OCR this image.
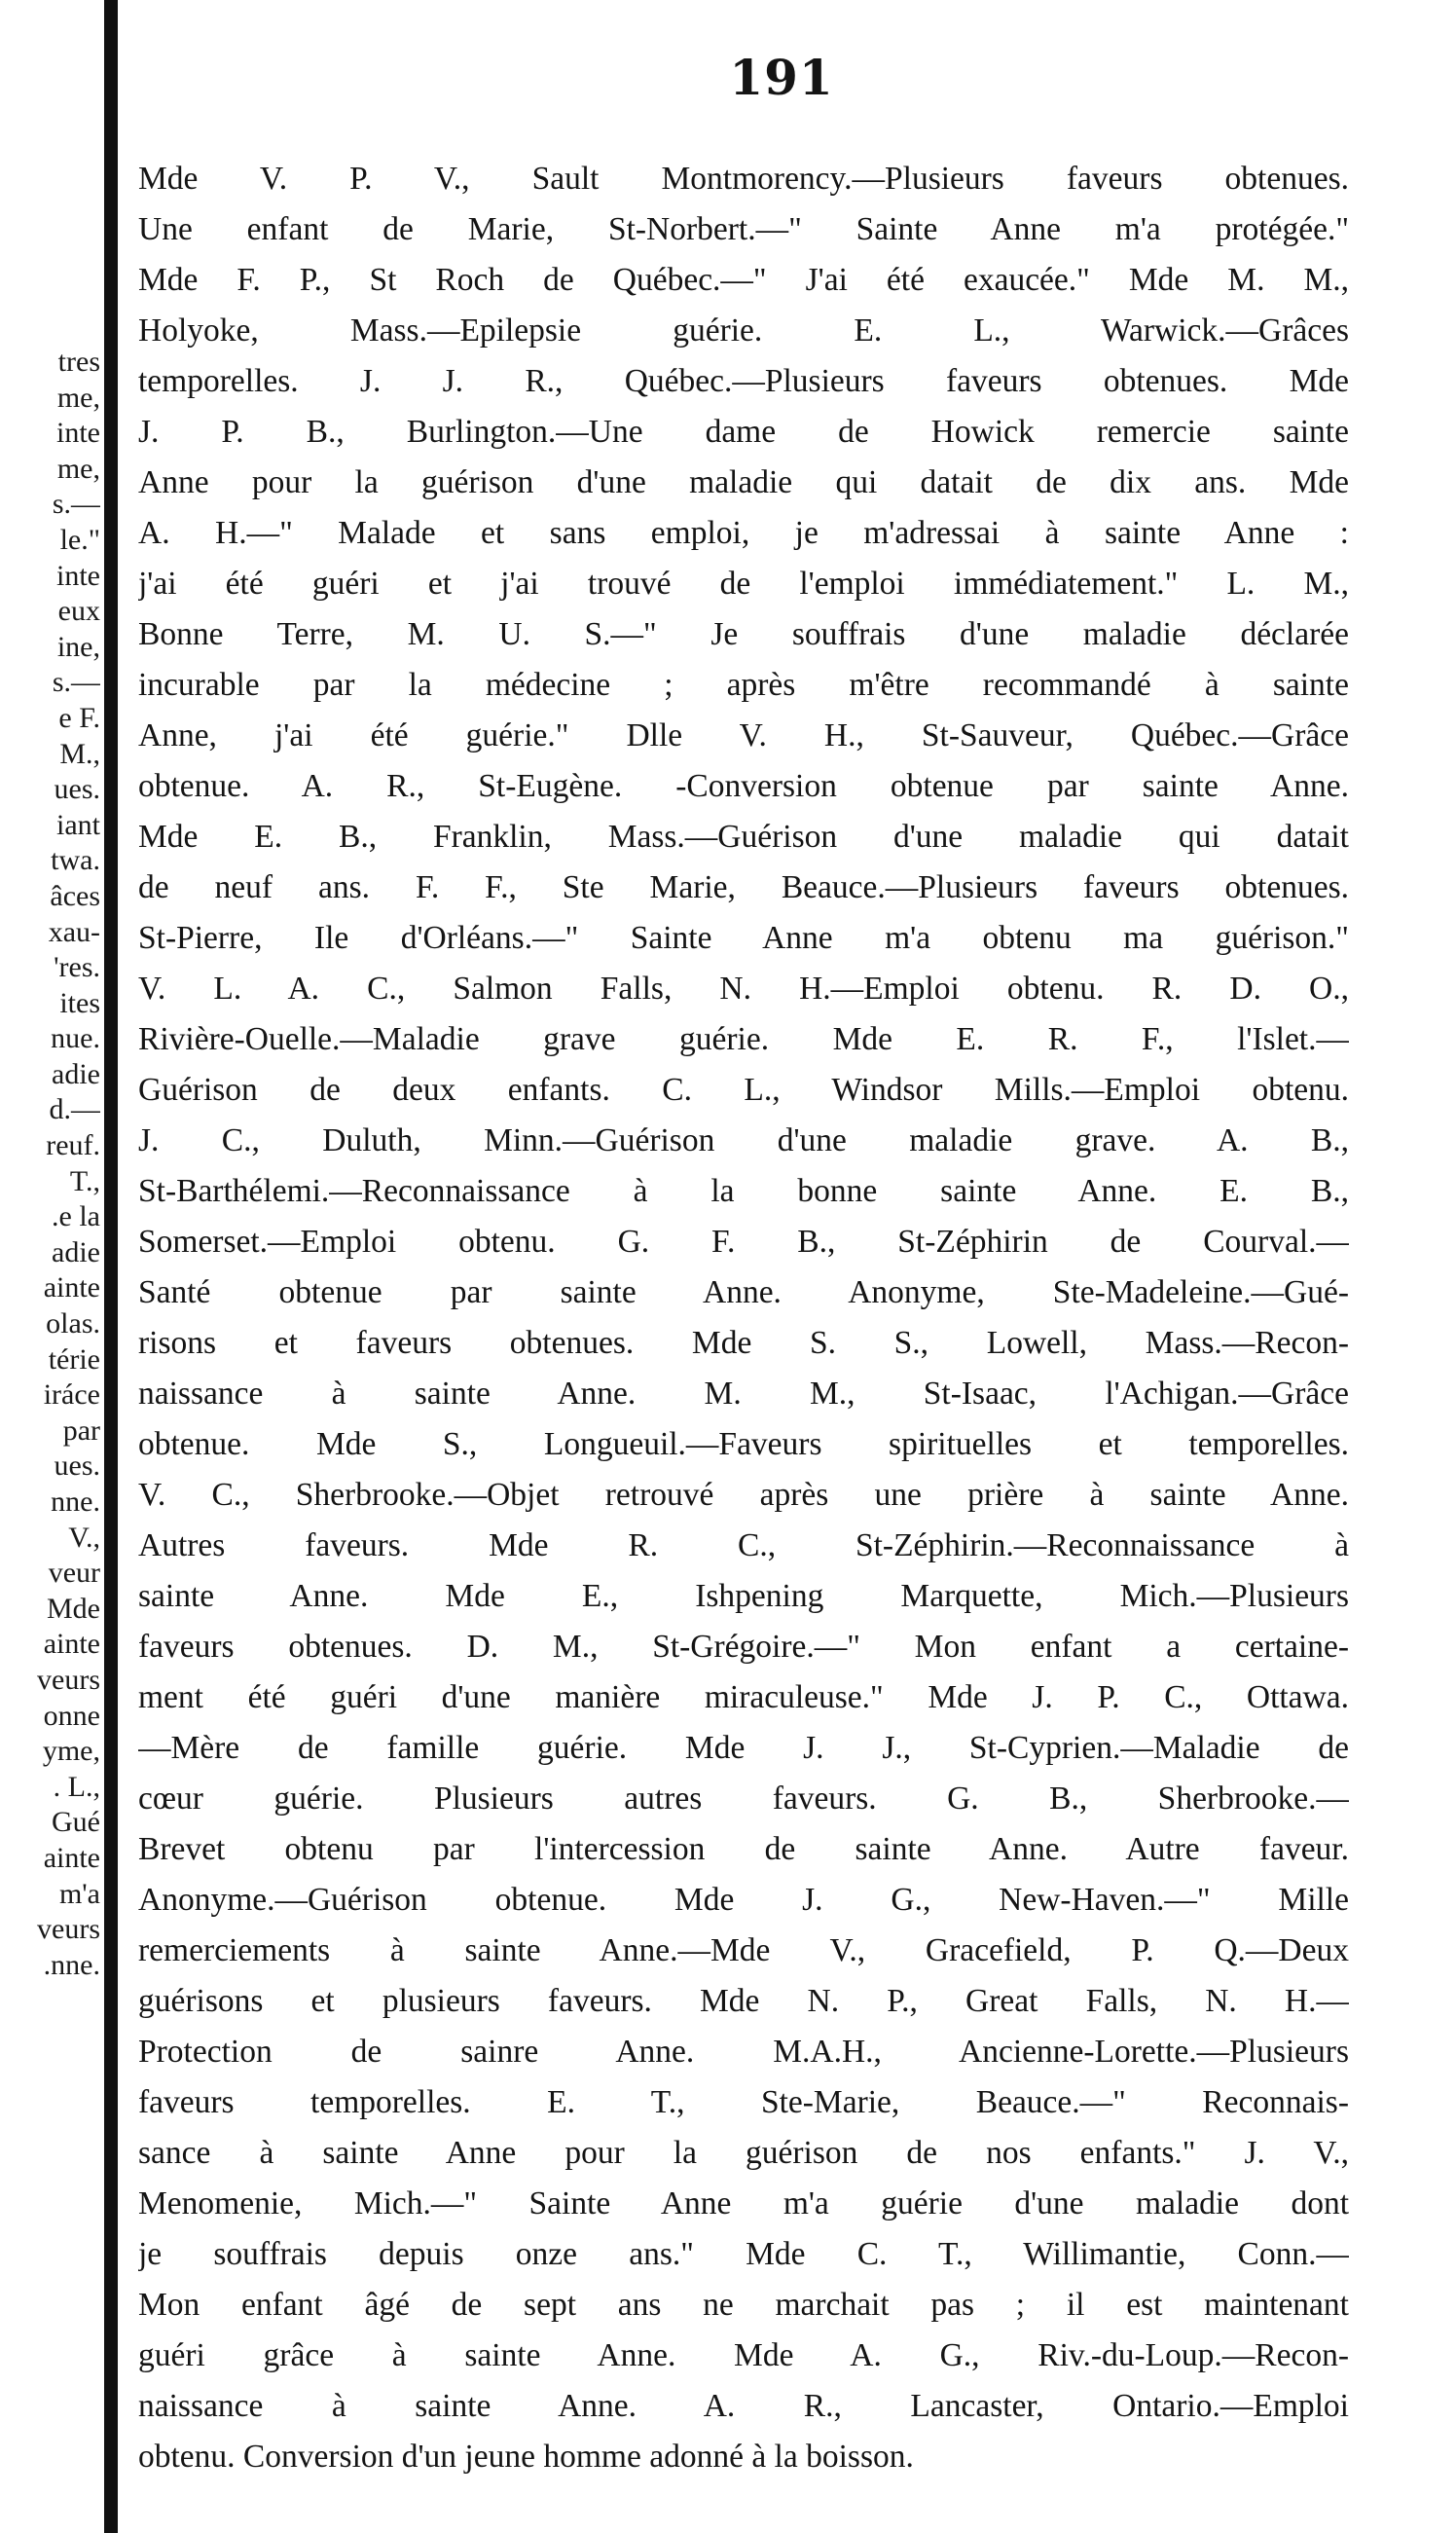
191
tres
me,
inte
me,
s.—
le."
inte
eux
ine,
s.—
e F.
M.,
ues.
iant
twa.
âces
xau-
'res.
ites
nue.
adie
d.—
reuf.
T.,
.e la
adie
ainte
olas.
térie
iráce
par
ues.
nne.
V.,
veur
Mde
ainte
veurs
onne
yme,
. L.,
Gué
ainte
m'a
veurs
.nne.
Mde V. P. V., Sault Montmorency.—Plusieurs faveurs obtenues.
Une enfant de Marie, St-Norbert.—" Sainte Anne m'a protégée."
Mde F. P., St Roch de Québec.—" J'ai été exaucée." Mde M. M.,
Holyoke, Mass.—Epilepsie guérie. E. L., Warwick.—Grâces
temporelles. J. J. R., Québec.—Plusieurs faveurs obtenues. Mde
J. P. B., Burlington.—Une dame de Howick remercie sainte
Anne pour la guérison d'une maladie qui datait de dix ans. Mde
A. H.—" Malade et sans emploi, je m'adressai à sainte Anne :
j'ai été guéri et j'ai trouvé de l'emploi immédiatement." L. M.,
Bonne Terre, M. U. S.—" Je souffrais d'une maladie déclarée
incurable par la médecine ; après m'être recommandé à sainte
Anne, j'ai été guérie." Dlle V. H., St-Sauveur, Québec.—Grâce
obtenue. A. R., St-Eugène. -Conversion obtenue par sainte Anne.
Mde E. B., Franklin, Mass.—Guérison d'une maladie qui datait
de neuf ans. F. F., Ste Marie, Beauce.—Plusieurs faveurs obtenues.
St-Pierre, Ile d'Orléans.—" Sainte Anne m'a obtenu ma guérison."
V. L. A. C., Salmon Falls, N. H.—Emploi obtenu. R. D. O.,
Rivière-Ouelle.—Maladie grave guérie. Mde E. R. F., l'Islet.—
Guérison de deux enfants. C. L., Windsor Mills.—Emploi obtenu.
J. C., Duluth, Minn.—Guérison d'une maladie grave. A. B.,
St-Barthélemi.—Reconnaissance à la bonne sainte Anne. E. B.,
Somerset.—Emploi obtenu. G. F. B., St-Zéphirin de Courval.—
Santé obtenue par sainte Anne. Anonyme, Ste-Madeleine.—Gué-
risons et faveurs obtenues. Mde S. S., Lowell, Mass.—Recon-
naissance à sainte Anne. M. M., St-Isaac, l'Achigan.—Grâce
obtenue. Mde S., Longueuil.—Faveurs spirituelles et temporelles.
V. C., Sherbrooke.—Objet retrouvé après une prière à sainte Anne.
Autres faveurs. Mde R. C., St-Zéphirin.—Reconnaissance à
sainte Anne. Mde E., Ishpening Marquette, Mich.—Plusieurs
faveurs obtenues. D. M., St-Grégoire.—" Mon enfant a certaine-
ment été guéri d'une manière miraculeuse." Mde J. P. C., Ottawa.
—Mère de famille guérie. Mde J. J., St-Cyprien.—Maladie de
cœur guérie. Plusieurs autres faveurs. G. B., Sherbrooke.—
Brevet obtenu par l'intercession de sainte Anne. Autre faveur.
Anonyme.—Guérison obtenue. Mde J. G., New-Haven.—" Mille
remerciements à sainte Anne.—Mde V., Gracefield, P. Q.—Deux
guérisons et plusieurs faveurs. Mde N. P., Great Falls, N. H.—
Protection de sainre Anne. M.A.H., Ancienne-Lorette.—Plusieurs
faveurs temporelles. E. T., Ste-Marie, Beauce.—" Reconnais-
sance à sainte Anne pour la guérison de nos enfants." J. V.,
Menomenie, Mich.—" Sainte Anne m'a guérie d'une maladie dont
je souffrais depuis onze ans." Mde C. T., Willimantie, Conn.—
Mon enfant âgé de sept ans ne marchait pas ; il est maintenant
guéri grâce à sainte Anne. Mde A. G., Riv.-du-Loup.—Recon-
naissance à sainte Anne. A. R., Lancaster, Ontario.—Emploi
obtenu. Conversion d'un jeune homme adonné à la boisson.
